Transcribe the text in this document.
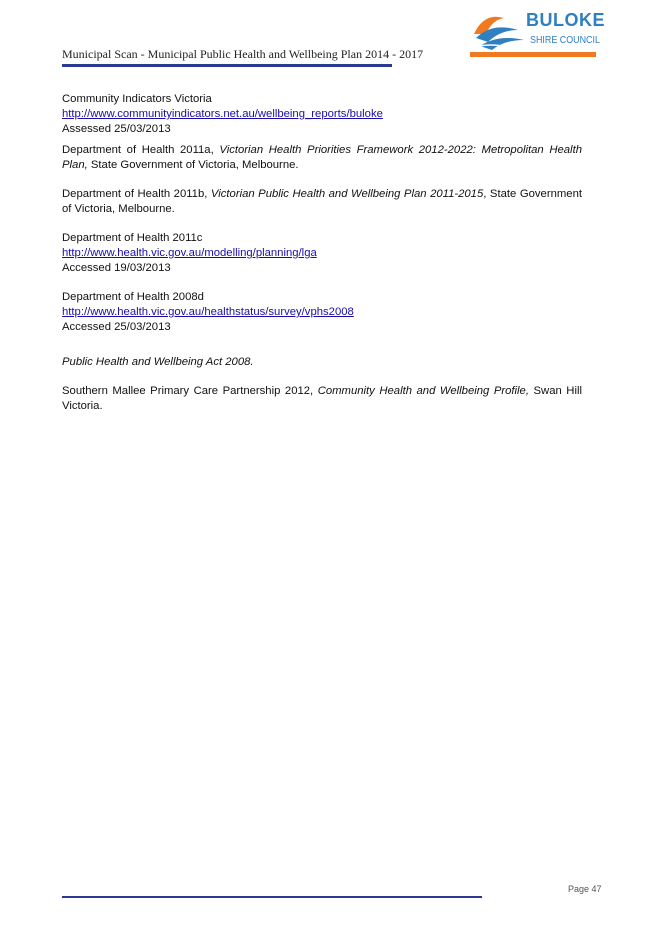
Municipal Scan - Municipal Public Health and Wellbeing Plan 2014 - 2017
BULOKE
SHIRE COUNCIL

Community Indicators Victoria

http://www.communityindicators.net.au/wellbeing_reports/buloke

Assessed 25/03/2013

Department of Health 2011a, Victorian Health Priorities Framework 2012-2022: Metropolitan Health Plan, State Government of Victoria, Melbourne.
Department of Health 2011b, Victorian Public Health and Wellbeing Plan 2011-2015, State Government of Victoria, Melbourne.

Department of Health 2011c

http://www.health.vic.gov.au/modelling/planning/lga

Accessed 19/03/2013

Department of Health 2008d

http://www.health.vic.gov.au/healthstatus/survey/vphs2008

Accessed 25/03/2013

Public Health and Wellbeing Act 2008.
Southern Mallee Primary Care Partnership 2012, Community Health and Wellbeing Profile, Swan Hill Victoria.
Page 47
